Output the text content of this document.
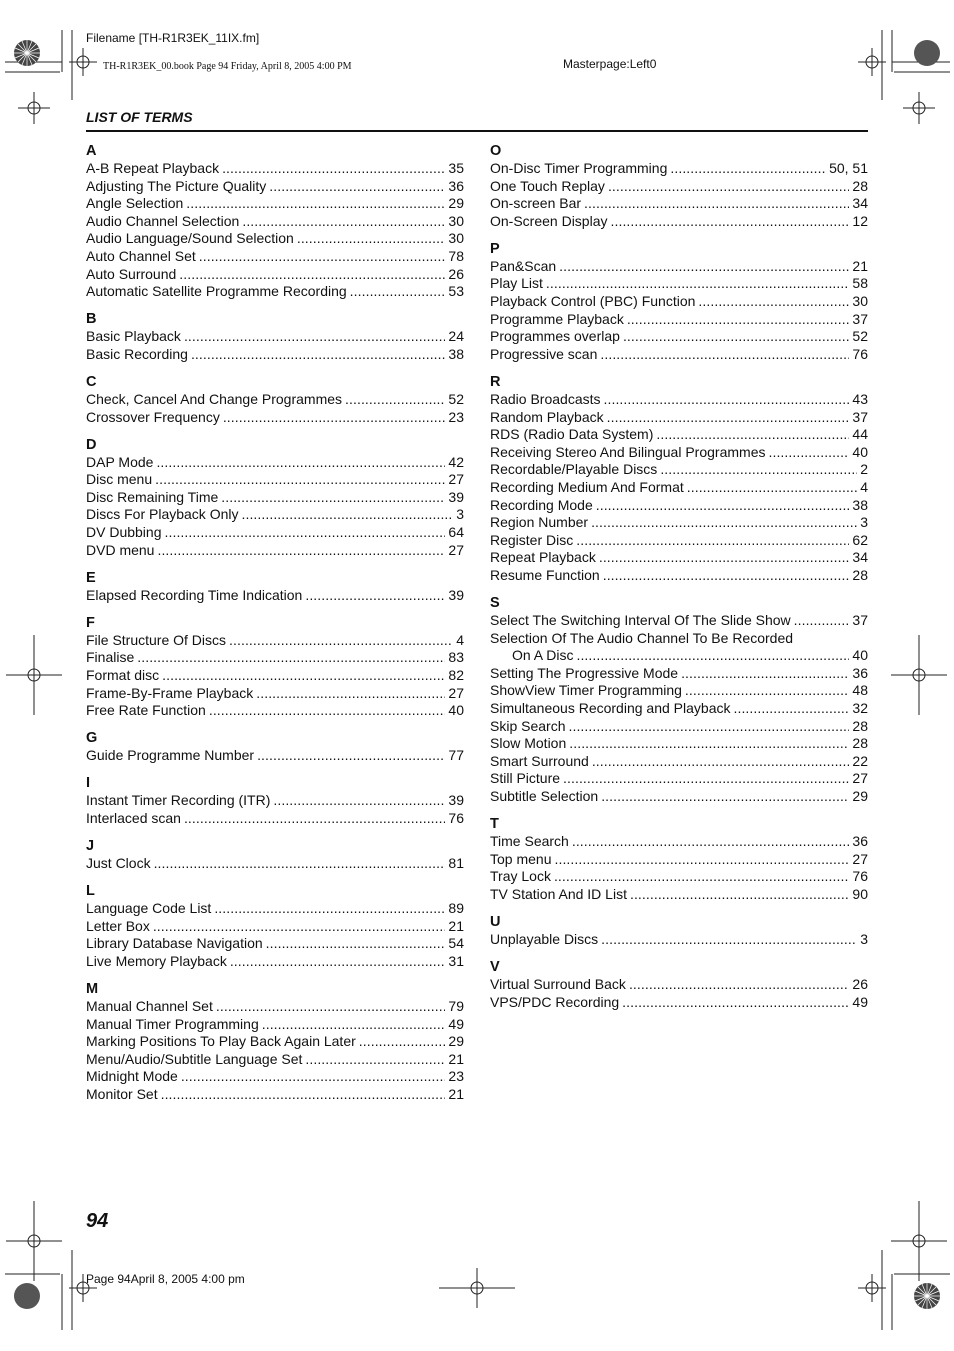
Filename [TH-R1R3EK_11IX.fm]
TH-R1R3EK_00.book Page 94 Friday, April 8, 2005 4:00 PM	Masterpage:Left0
LIST OF TERMS
A
A-B Repeat Playback . . .	35
Adjusting The Picture Quality . . .	36
Angle Selection . . .	29
Audio Channel Selection . . .	30
Audio Language/Sound Selection . . .	30
Auto Channel Set . . .	78
Auto Surround . . .	26
Automatic Satellite Programme Recording . . .	53
B
Basic Playback . . .	24
Basic Recording . . .	38
C
Check, Cancel And Change Programmes . . .	52
Crossover Frequency . . .	23
D
DAP Mode . . .	42
Disc menu . . .	27
Disc Remaining Time . . .	39
Discs For Playback Only . . .	3
DV Dubbing . . .	64
DVD menu . . .	27
E
Elapsed Recording Time Indication . . .	39
F
File Structure Of Discs . . .	4
Finalise . . .	83
Format disc . . .	82
Frame-By-Frame Playback . . .	27
Free Rate Function . . .	40
G
Guide Programme Number . . .	77
I
Instant Timer Recording (ITR) . . .	39
Interlaced scan . . .	76
J
Just Clock . . .	81
L
Language Code List . . .	89
Letter Box . . .	21
Library Database Navigation . . .	54
Live Memory Playback . . .	31
M
Manual Channel Set . . .	79
Manual Timer Programming . . .	49
Marking Positions To Play Back Again Later . . .	29
Menu/Audio/Subtitle Language Set . . .	21
Midnight Mode . . .	23
Monitor Set . . .	21
O
On-Disc Timer Programming . . .	50, 51
One Touch Replay . . .	28
On-screen Bar . . .	34
On-Screen Display . . .	12
P
Pan&Scan . . .	21
Play List . . .	58
Playback Control (PBC) Function . . .	30
Programme Playback . . .	37
Programmes overlap . . .	52
Progressive scan . . .	76
R
Radio Broadcasts . . .	43
Random Playback . . .	37
RDS (Radio Data System) . . .	44
Receiving Stereo And Bilingual Programmes . . .	40
Recordable/Playable Discs . . .	2
Recording Medium And Format . . .	4
Recording Mode . . .	38
Region Number . . .	3
Register Disc . . .	62
Repeat Playback . . .	34
Resume Function . . .	28
S
Select The Switching Interval Of The Slide Show . . .	37
Selection Of The Audio Channel To Be Recorded
On A Disc . . .	40
Setting The Progressive Mode . . .	36
ShowView Timer Programming . . .	48
Simultaneous Recording and Playback . . .	32
Skip Search . . .	28
Slow Motion . . .	28
Smart Surround . . .	22
Still Picture . . .	27
Subtitle Selection . . .	29
T
Time Search . . .	36
Top menu . . .	27
Tray Lock . . .	76
TV Station And ID List . . .	90
U
Unplayable Discs . . .	3
V
Virtual Surround Back . . .	26
VPS/PDC Recording . . .	49
94
Page 94April 8, 2005 4:00 pm
